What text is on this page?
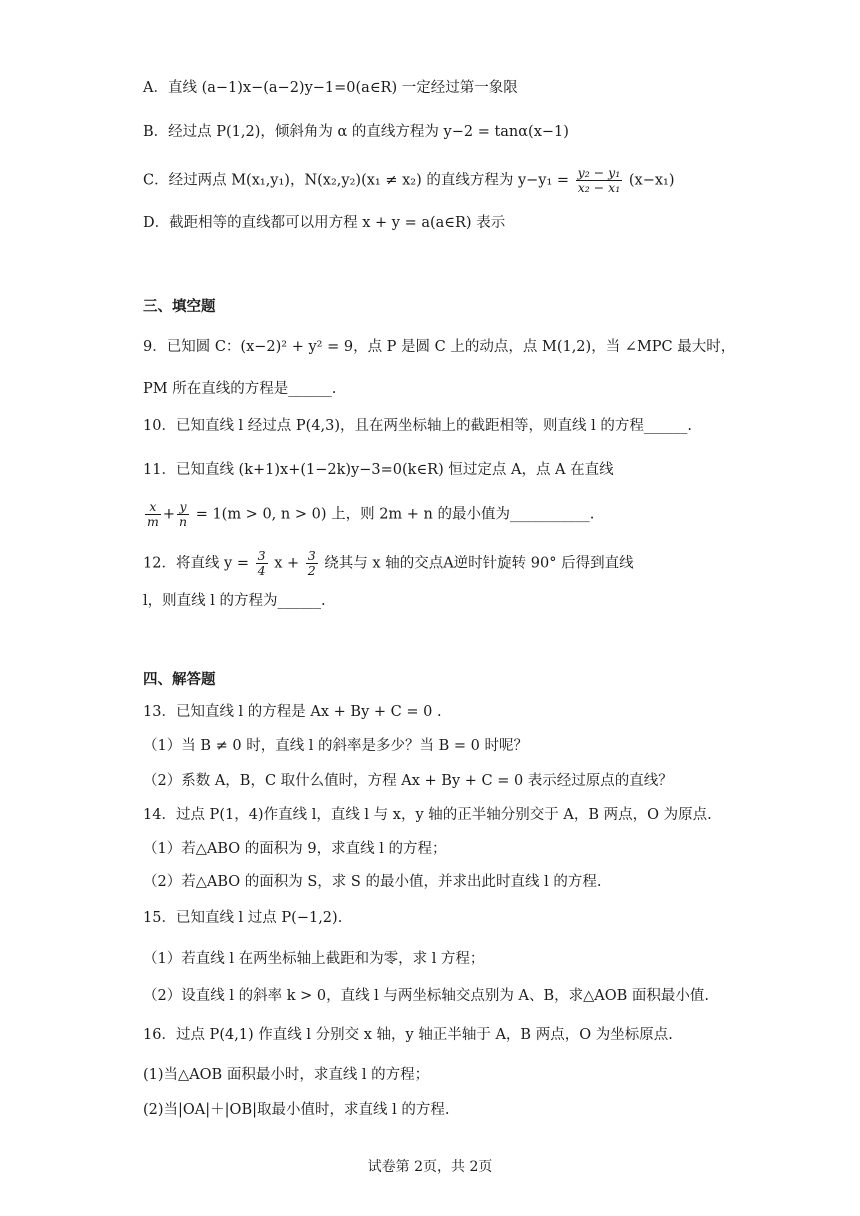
A．直线 (a−1)x−(a−2)y−1=0(a∈R) 一定经过第一象限
B．经过点 P(1,2)，倾斜角为 α 的直线方程为 y−2 = tanα(x−1)
C．经过两点 M(x₁,y₁)，N(x₂,y₂)(x₁ ≠ x₂) 的直线方程为 $y-y_1 = \frac{\text{y₂ − y₁}}{\text{x₂ − x₁}} (x-x_1)$
D．截距相等的直线都可以用方程 x + y = a(a∈R) 表示
三、填空题
9．已知圆 C：(x−2)² + y² = 9，点 P 是圆 C 上的动点，点 M(1,2)，当 ∠MPC 最大时，
PM 所在直线的方程是______.
10．已知直线 l 经过点 P(4,3)，且在两坐标轴上的截距相等，则直线 l 的方程______.
11．已知直线 (k+1)x+(1−2k)y−3=0(k∈R) 恒过定点 A，点 A 在直线
$\frac{x}{m} + \frac{y}{n} = 1(m > 0$, n > 0) 上，则 2m + n 的最小值为___________.
12．将直线 $y = \frac{3}{4}$ $x + \frac{3}{2}$ 绕其与 x 轴的交点A逆时针旋转 90° 后得到直线
l，则直线 l 的方程为______.
四、解答题
13．已知直线 l 的方程是 Ax + By + C = 0 .
（1）当 B ≠ 0 时，直线 l 的斜率是多少？当 B = 0 时呢？
（2）系数 A，B，C 取什么值时，方程 Ax + By + C = 0 表示经过原点的直线？
14．过点 P(1，4)作直线 l，直线 l 与 x，y 轴的正半轴分别交于 A，B 两点，O 为原点.
（1）若△ABO 的面积为 9，求直线 l 的方程；
（2）若△ABO 的面积为 S，求 S 的最小值，并求出此时直线 l 的方程.
15．已知直线 l 过点 P(−1,2).
（1）若直线 l 在两坐标轴上截距和为零，求 l 方程；
（2）设直线 l 的斜率 k > 0，直线 l 与两坐标轴交点别为 A、B，求△AOB 面积最小值.
16．过点 P(4,1) 作直线 l 分别交 x 轴，y 轴正半轴于 A，B 两点，O 为坐标原点.
(1)当△AOB 面积最小时，求直线 l 的方程；
(2)当|OA|＋|OB|取最小值时，求直线 l 的方程.
试卷第 2页，共 2页
